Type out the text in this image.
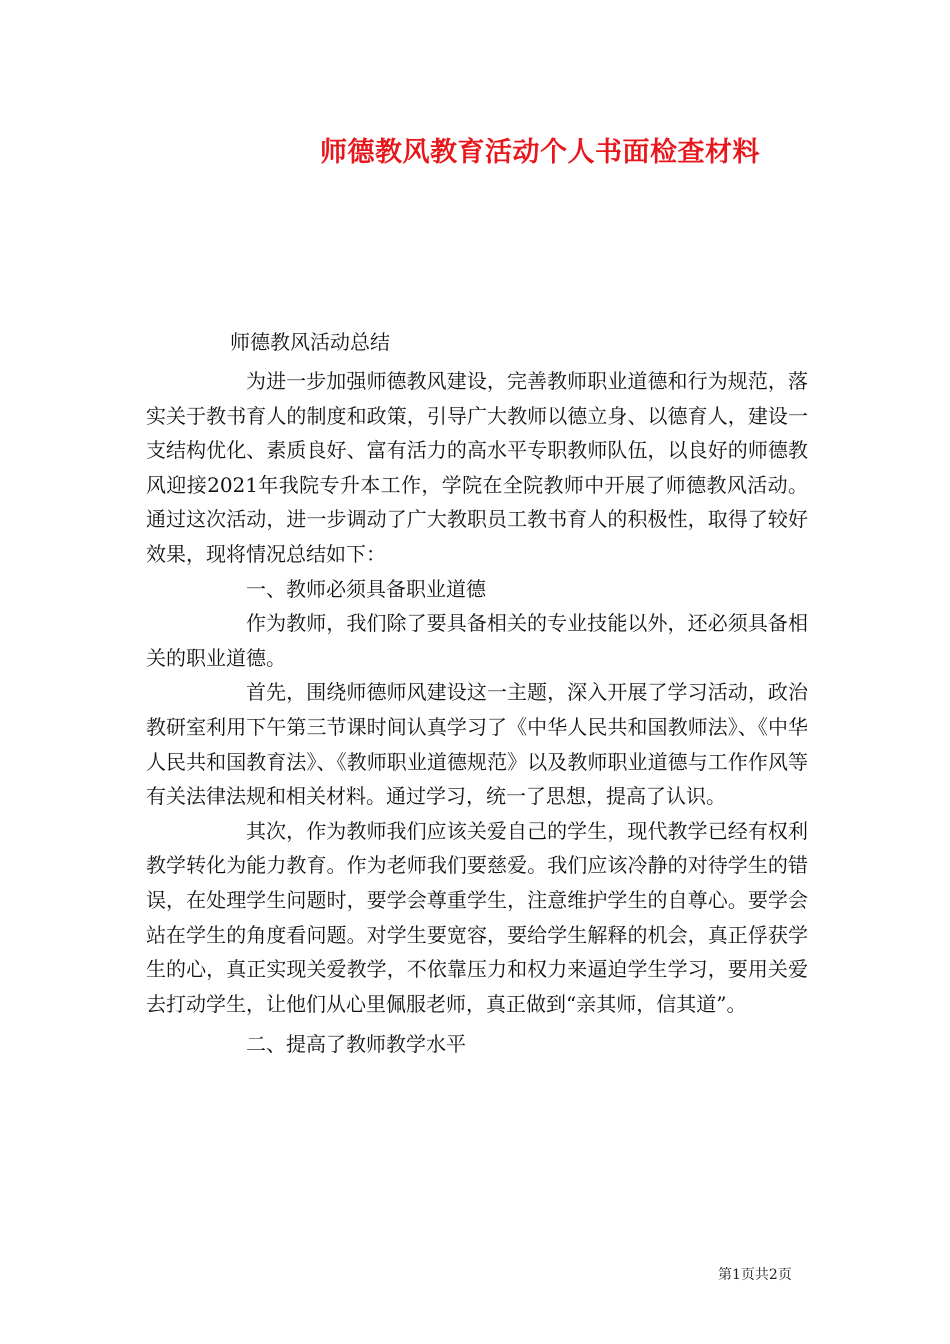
师德教风教育活动个人书面检查材料
师德教风活动总结

为进一步加强师德教风建设，完善教师职业道德和行为规范，落实关于教书育人的制度和政策，引导广大教师以德立身、以德育人，建设一支结构优化、素质良好、富有活力的高水平专职教师队伍，以良好的师德教风迎接2021年我院专升本工作，学院在全院教师中开展了师德教风活动。通过这次活动，进一步调动了广大教职员工教书育人的积极性，取得了较好效果，现将情况总结如下：

一、教师必须具备职业道德

作为教师，我们除了要具备相关的专业技能以外，还必须具备相关的职业道德。

首先，围绕师德师风建设这一主题，深入开展了学习活动，政治教研室利用下午第三节课时间认真学习了《中华人民共和国教师法》、《中华人民共和国教育法》、《教师职业道德规范》以及教师职业道德与工作作风等有关法律法规和相关材料。通过学习，统一了思想，提高了认识。

其次，作为教师我们应该关爱自己的学生，现代教学已经有权利教学转化为能力教育。作为老师我们要慈爱。我们应该冷静的对待学生的错误，在处理学生问题时，要学会尊重学生，注意维护学生的自尊心。要学会站在学生的角度看问题。对学生要宽容，要给学生解释的机会，真正俘获学生的心，真正实现关爱教学，不依靠压力和权力来逼迫学生学习，要用关爱去打动学生，让他们从心里佩服老师，真正做到“亲其师，信其道”。

二、提高了教师教学水平

第1页共2页
